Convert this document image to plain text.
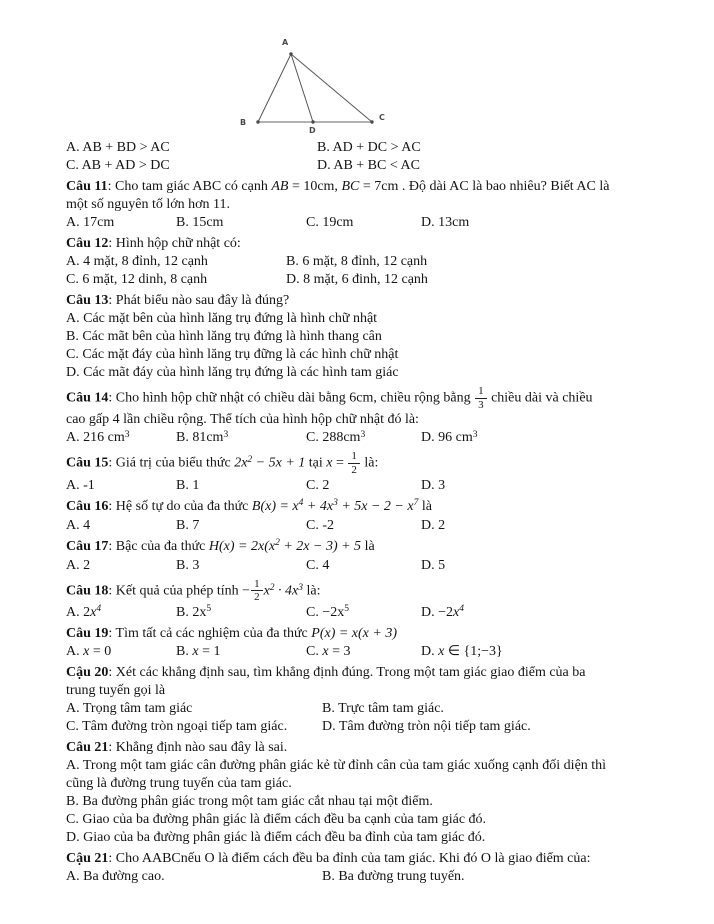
A
B
C
D
A. AB + BD > AC	B. AD + DC > AC
C. AB + AD > DC	D. AB + BC < AC
Câu 11: Cho tam giác ABC có cạnh AB = 10cm, BC = 7cm . Độ dài AC là bao nhiêu? Biết AC là
một số nguyên tố lớn hơn 11.
A. 17cm	B. 15cm	C. 19cm	D. 13cm
Câu 12: Hình hộp chữ nhật có:
A. 4 mặt, 8 đỉnh, 12 cạnh	B. 6 mặt, 8 đỉnh, 12 cạnh
C. 6 mặt, 12 dinh, 8 cạnh	D. 8 mặt, 6 đinh, 12 cạnh
Câu 13: Phát biểu nào sau đây là đúng?
A. Các mặt bên của hình lăng trụ đứng là hình chữ nhật
B. Các mãt bên của hình lăng trụ đứng là hình thang cân
C. Các mặt đáy của hình lăng trụ đững là các hình chữ nhật
D. Các mãt đáy của hình lăng trụ đứng là các hình tam giác
Câu 14: Cho hình hộp chữ nhật có chiều dài bằng 6cm, chiều rộng bằng $\frac{1}{3}$ chiều dài và chiều
cao gấp 4 lần chiều rộng. Thể tích của hình hộp chữ nhật đó là:
A. 216 $cm^3$	B. $81cm^3$	C. $288cm^3$	D. 96 $cm^3$
Câu 15: Giá trị của biểu thức $2x^2 - 5x + 1$ tại $x = \frac{1}{2}$ là:
A. -1	B. 1	C. 2	D. 3
Câu 16: Hệ số tự do của đa thức $B(x) = x^4 + 4x^3 + 5x - 2 - x^7$ là
A. 4	B. 7	C. -2	D. 2
Câu 17: Bậc của đa thức $H(x) = 2x(x^2 + 2x - 3) + 5$ là
A. 2	B. 3	C. 4	D. 5
Câu 18: Kết quả của phép tính − $\frac{1}{2} x^2 \cdot 4x^3$ là:
A. $2x^4$	B. $2x^5$	C. $-2x^5$	D. $-2x^4$
Câu 19: Tìm tất cả các nghiệm của đa thức P(x) = x(x + 3)
A. x = 0	B. x = 1	C. x = 3	D. x ∈ {1;−3}
Cậu 20: Xét các khẳng định sau, tìm khẳng định đúng. Trong một tam giác giao điểm của ba
trung tuyến gọi là
A. Trọng tâm tam giác	B. Trực tâm tam giác.
C. Tâm đường tròn ngoại tiếp tam giác. D. Tâm đường tròn nội tiếp tam giác.
Câu 21: Khẳng định nào sau đây là sai.
A. Trong một tam giác cân đường phân giác kẻ từ đỉnh cân của tam giác xuống cạnh đối diện thì
cũng là đường trung tuyến của tam giác.
B. Ba đường phân giác trong một tam giác cắt nhau tại một điểm.
C. Giao của ba đường phân giác là điểm cách đều ba cạnh của tam giác đó.
D. Giao của ba đường phân giác là điểm cách đều ba đỉnh của tam giác đó.
Cậu 21: Cho AABCnếu O là điểm cách đều ba đỉnh của tam giác. Khi đó O là giao điểm của:
A. Ba đường cao.	B. Ba đường trung tuyến.
